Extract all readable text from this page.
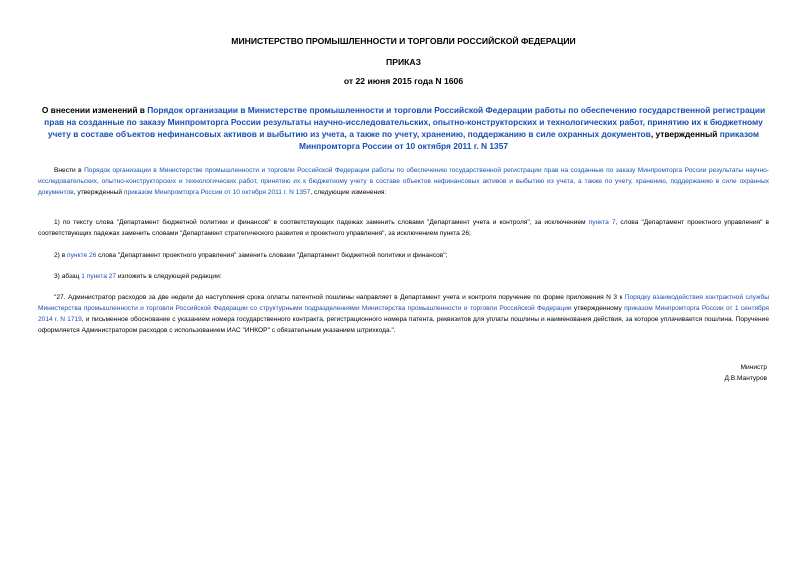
МИНИСТЕРСТВО ПРОМЫШЛЕННОСТИ И ТОРГОВЛИ РОССИЙСКОЙ ФЕДЕРАЦИИ
ПРИКАЗ
от 22 июня 2015 года N 1606
О внесении изменений в Порядок организации в Министерстве промышленности и торговли Российской Федерации работы по обеспечению государственной регистрации прав на созданные по заказу Минпромторга России результаты научно-исследовательских, опытно-конструкторских и технологических работ, принятию их к бюджетному учету в составе объектов нефинансовых активов и выбытию из учета, а также по учету, хранению, поддержанию в силе охранных документов, утвержденный приказом Минпромторга России от 10 октября 2011 г. N 1357

Внести в Порядок организации в Министерстве промышленности и торговли Российской Федерации работы по обеспечению государственной регистрации прав на созданные по заказу Минпромторга России результаты научно-исследовательских, опытно-конструкторских и технологических работ, принятию их к бюджетному учету в составе объектов нефинансовых активов и выбытию из учета, а также по учету, хранению, поддержанию в силе охранных документов, утвержденный приказом Минпромторга России от 10 октября 2011 г. N 1357, следующие изменения:

1) по тексту слова "Департамент бюджетной политики и финансов" в соответствующих падежах заменить словами "Департамент учета и контроля", за исключением пункта 7, слова "Департамент проектного управления" в соответствующих падежах заменить словами "Департамент стратегического развития и проектного управления", за исключением пункта 26;

2) в пункте 26 слова "Департамент проектного управления" заменить словами "Департамент бюджетной политики и финансов";

3) абзац 1 пункта 27 изложить в следующей редакции:

"27. Администратор расходов за две недели до наступления срока оплаты патентной пошлины направляет в Департамент учета и контроля поручение по форме приложения N 3 к Порядку взаимодействия контрактной службы Министерства промышленности и торговли Российской Федерации со структурными подразделениями Министерства промышленности и торговли Российской Федерации утвержденному приказом Минпромторга России от 1 сентября 2014 г. N 1719, и письменное обоснование с указанием номера государственного контракта, регистрационного номера патента, реквизитов для уплаты пошлины и наименования действия, за которое уплачивается пошлина. Поручение оформляется Администратором расходов с использованием ИАС "ИНКОР" с обязательным указанием штрихкода.".

Министр
Д.В.Мантуров
